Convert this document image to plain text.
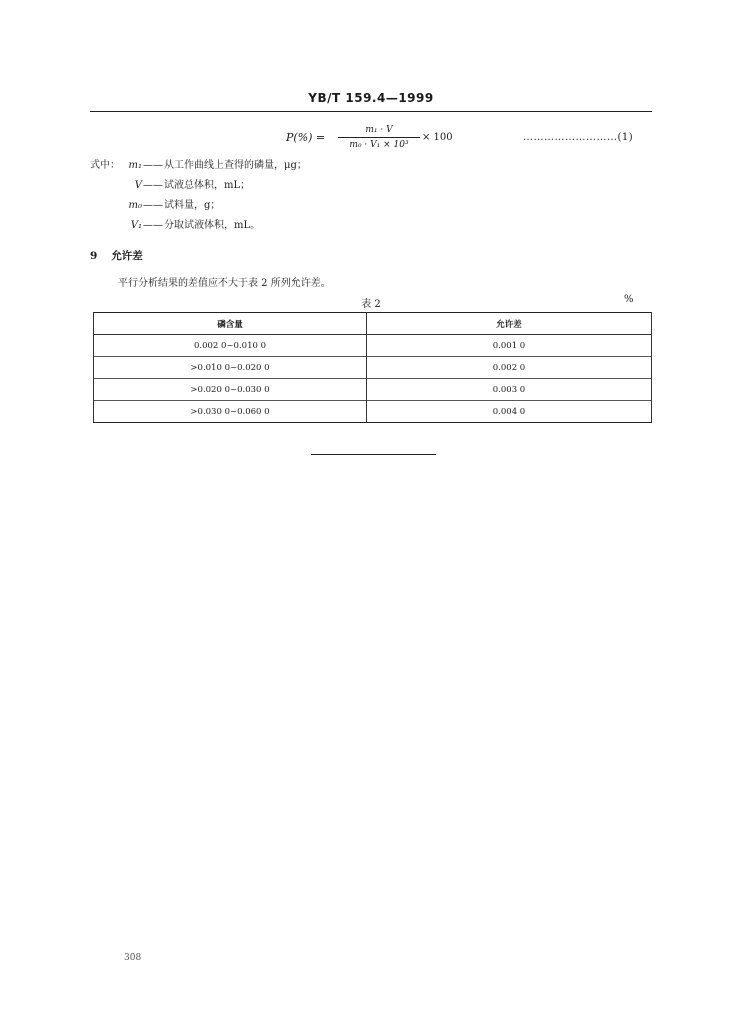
YB/T 159.4—1999
P(%) =
m₁ · V
m₀ · V₁ × 10³
× 100	………………………(1)
式中： m₁——从工作曲线上查得的磷量，μg；
V——试液总体积，mL；
m₀——试料量，g；
V₁——分取试液体积，mL。
9 允许差
平行分析结果的差值应不大于表 2 所列允许差。
表 2	%
磷含量	允许差
0.002 0~0.010 0	0.001 0
>0.010 0~0.020 0	0.002 0
>0.020 0~0.030 0	0.003 0
>0.030 0~0.060 0	0.004 0
308
